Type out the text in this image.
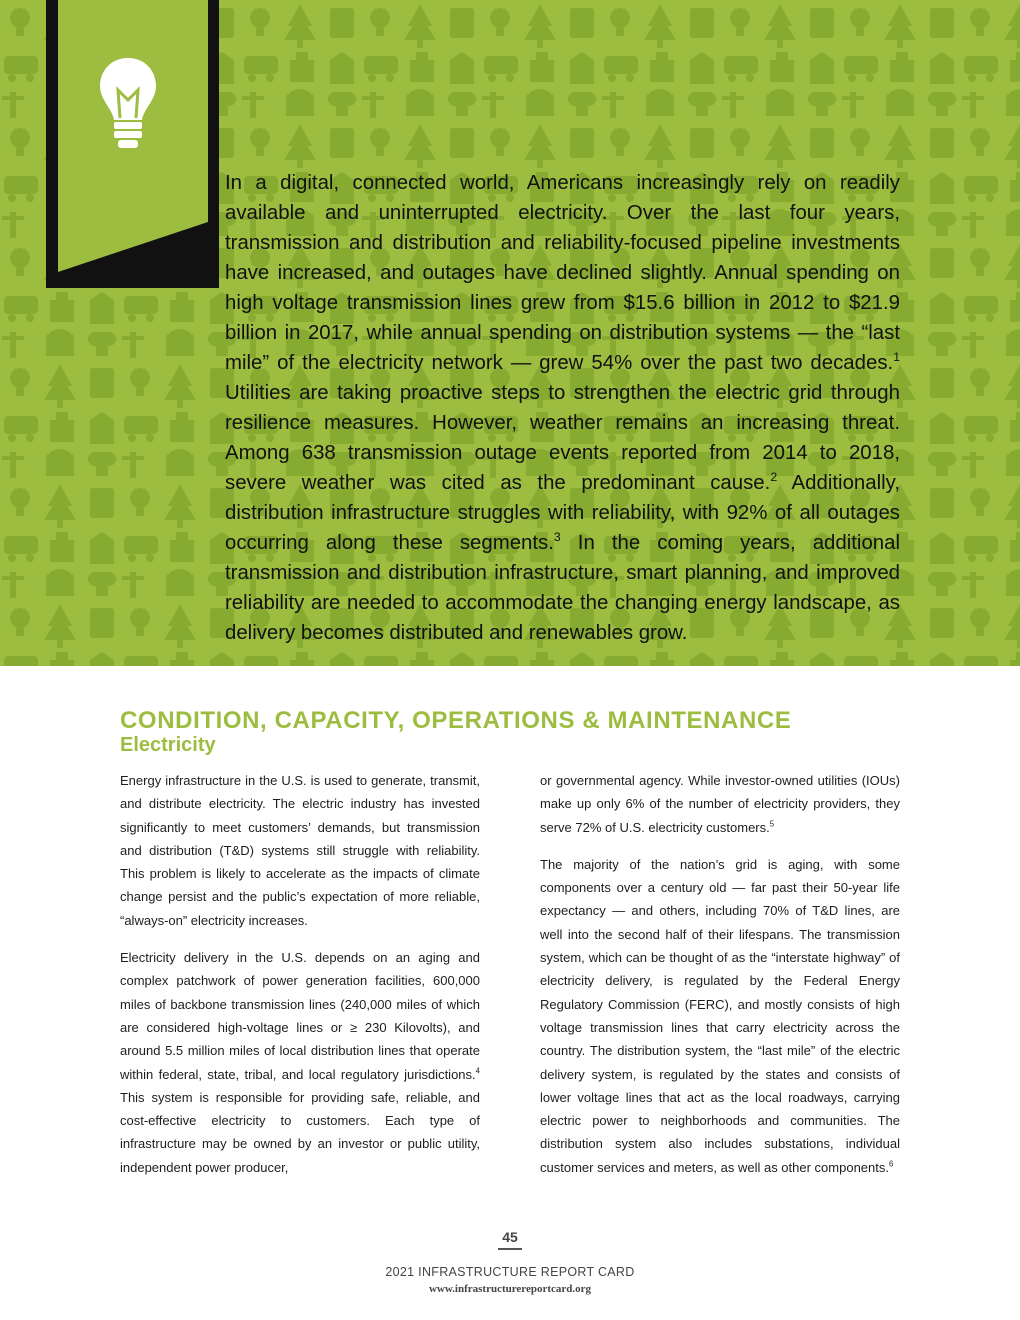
In a digital, connected world, Americans increasingly rely on readily available and uninterrupted electricity. Over the last four years, transmission and distribution and reliability-focused pipeline investments have increased, and outages have declined slightly. Annual spending on high voltage transmission lines grew from $15.6 billion in 2012 to $21.9 billion in 2017, while annual spending on distribution systems — the “last mile” of the electricity network — grew 54% over the past two decades.$^1$ Utilities are taking proactive steps to strengthen the electric grid through resilience measures. However, weather remains an increasing threat. Among 638 transmission outage events reported from 2014 to 2018, severe weather was cited as the predominant cause.$^2$ Additionally, distribution infrastructure struggles with reliability, with 92% of all outages occurring along these segments.$^3$ In the coming years, additional transmission and distribution infrastructure, smart planning, and improved reliability are needed to accommodate the changing energy landscape, as delivery becomes distributed and renewables grow.

CONDITION, CAPACITY, OPERATIONS & MAINTENANCE
Electricity

Energy infrastructure in the U.S. is used to generate, transmit, and distribute electricity. The electric industry has invested significantly to meet customers’ demands, but transmission and distribution (T&D) systems still struggle with reliability. This problem is likely to accelerate as the impacts of climate change persist and the public’s expectation of more reliable, “always-on” electricity increases.

Electricity delivery in the U.S. depends on an aging and complex patchwork of power generation facilities, 600,000 miles of backbone transmission lines (240,000 miles of which are considered high-voltage lines or ≥ 230 Kilovolts), and around 5.5 million miles of local distribution lines that operate within federal, state, tribal, and local regulatory jurisdictions.$^4$ This system is responsible for providing safe, reliable, and cost-effective electricity to customers. Each type of infrastructure may be owned by an investor or public utility, independent power producer,

or governmental agency. While investor-owned utilities (IOUs) make up only 6% of the number of electricity providers, they serve 72% of U.S. electricity customers.$^5$

The majority of the nation’s grid is aging, with some components over a century old — far past their 50-year life expectancy — and others, including 70% of T&D lines, are well into the second half of their lifespans. The transmission system, which can be thought of as the “interstate highway” of electricity delivery, is regulated by the Federal Energy Regulatory Commission (FERC), and mostly consists of high voltage transmission lines that carry electricity across the country. The distribution system, the “last mile” of the electric delivery system, is regulated by the states and consists of lower voltage lines that act as the local roadways, carrying electric power to neighborhoods and communities. The distribution system also includes substations, individual customer services and meters, as well as other components.$^6$

45
2021 INFRASTRUCTURE REPORT CARD
www.infrastructurereportcard.org
